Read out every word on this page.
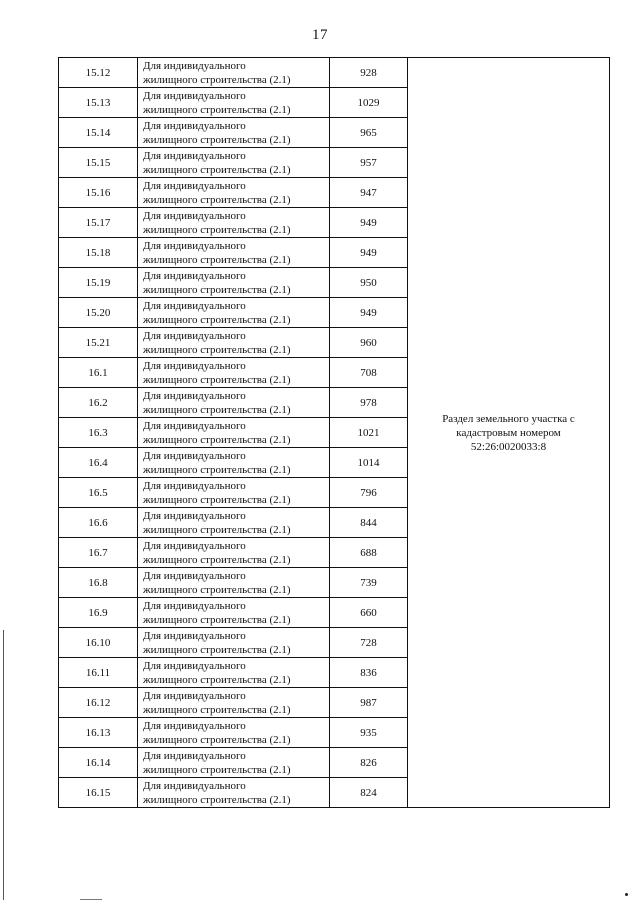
17
15.12	Для индивидуального
жилищного строительства (2.1)	928	Раздел земельного участка с
кадастровым номером
52:26:0020033:8

15.13	Для индивидуального
жилищного строительства (2.1)	1029	
15.14	Для индивидуального
жилищного строительства (2.1)	965	
15.15	Для индивидуального
жилищного строительства (2.1)	957	
15.16	Для индивидуального
жилищного строительства (2.1)	947	
15.17	Для индивидуального
жилищного строительства (2.1)	949	
15.18	Для индивидуального
жилищного строительства (2.1)	949	
15.19	Для индивидуального
жилищного строительства (2.1)	950	
15.20	Для индивидуального
жилищного строительства (2.1)	949	
15.21	Для индивидуального
жилищного строительства (2.1)	960	
16.1	Для индивидуального
жилищного строительства (2.1)	708	
16.2	Для индивидуального
жилищного строительства (2.1)	978	
16.3	Для индивидуального
жилищного строительства (2.1)	1021	
16.4	Для индивидуального
жилищного строительства (2.1)	1014	
16.5	Для индивидуального
жилищного строительства (2.1)	796	
16.6	Для индивидуального
жилищного строительства (2.1)	844	
16.7	Для индивидуального
жилищного строительства (2.1)	688	
16.8	Для индивидуального
жилищного строительства (2.1)	739	
16.9	Для индивидуального
жилищного строительства (2.1)	660	
16.10	Для индивидуального
жилищного строительства (2.1)	728	
16.11	Для индивидуального
жилищного строительства (2.1)	836	
16.12	Для индивидуального
жилищного строительства (2.1)	987	
16.13	Для индивидуального
жилищного строительства (2.1)	935	
16.14	Для индивидуального
жилищного строительства (2.1)	826	
16.15	Для индивидуального
жилищного строительства (2.1)	824	
